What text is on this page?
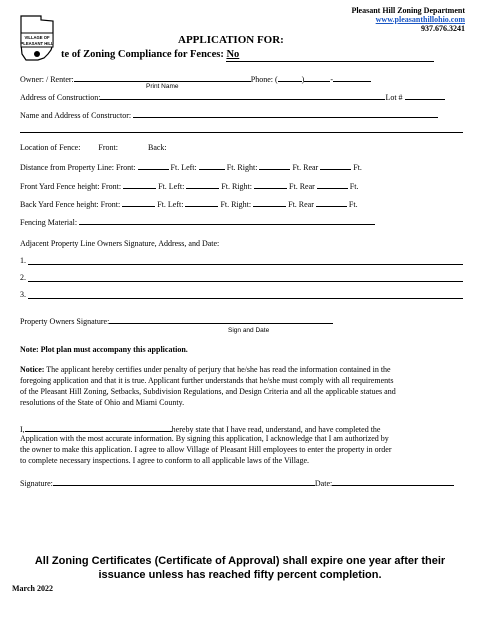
VILLAGE OF
PLEASANT HILL
Pleasant Hill Zoning Department
www.pleasanthillohio.com
937.676.3241
APPLICATION FOR:
te of Zoning Compliance for Fences: No
Owner: / Renter:	Phone: (	)	-
Print Name
Address of Construction:	Lot #
Name and Address of Constructor:
Location of Fence: Front:	Back:
Distance from Property Line: Front:	Ft. Left:	Ft. Right:	Ft. Rear	Ft.
Front Yard Fence height: Front:	Ft. Left:	Ft. Right:	Ft. Rear	Ft.
Back Yard Fence height: Front:	Ft. Left:	Ft. Right:	Ft. Rear	Ft.
Fencing Material:
Adjacent Property Line Owners Signature, Address, and Date:
1.
2.
3.
Property Owners Signature:
Sign and Date
Note: Plot plan must accompany this application.
Notice: The applicant hereby certifies under penalty of perjury that he/she has read the information contained in the
foregoing application and that it is true. Applicant further understands that he/she must comply with all requirements
of the Pleasant Hill Zoning, Setbacks, Subdivision Regulations, and Design Criteria and all the applicable statues and
resolutions of the State of Ohio and Miami County.
I,	hereby state that I have read, understand, and have completed the
Application with the most accurate information. By signing this application, I acknowledge that I am authorized by
the owner to make this application. I agree to allow Village of Pleasant Hill employees to enter the property in order
to complete necessary inspections. I agree to conform to all applicable laws of the Village.
Signature:	Date:
All Zoning Certificates (Certificate of Approval) shall expire one year after their
issuance unless has reached fifty percent completion.
March 2022
